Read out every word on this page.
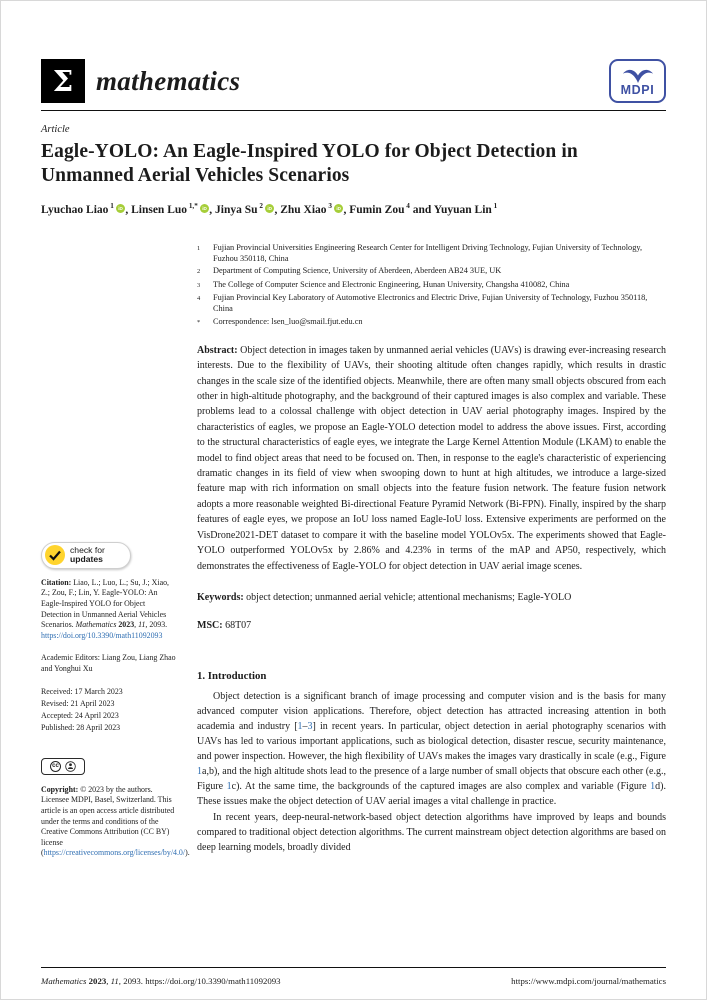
Σ mathematics	MDPI
Article
Eagle-YOLO: An Eagle-Inspired YOLO for Object Detection in Unmanned Aerial Vehicles Scenarios
Lyuchao Liao $^1$ iD , Linsen Luo $^{1,*}$ iD , Jinya Su $^2$ iD , Zhu Xiao $^3$ iD , Fumin Zou $^4$ and Yuyuan Lin $^1$
check for
updates

Citation: Liao, L.; Luo, L.; Su, J.; Xiao, Z.; Zou, F.; Lin, Y. Eagle-YOLO: An Eagle-Inspired YOLO for Object Detection in Unmanned Aerial Vehicles Scenarios. Mathematics 2023, 11, 2093. https://doi.org/10.3390/math11092093

Academic Editors: Liang Zou, Liang Zhao and Yonghui Xu

Received: 17 March 2023
Revised: 21 April 2023
Accepted: 24 April 2023
Published: 28 April 2023
cc

Copyright: © 2023 by the authors. Licensee MDPI, Basel, Switzerland. This article is an open access article distributed under the terms and conditions of the Creative Commons Attribution (CC BY) license (https://creativecommons.org/licenses/by/4.0/).

1	Fujian Provincial Universities Engineering Research Center for Intelligent Driving Technology, Fujian University of Technology, Fuzhou 350118, China
2	Department of Computing Science, University of Aberdeen, Aberdeen AB24 3UE, UK
3	The College of Computer Science and Electronic Engineering, Hunan University, Changsha 410082, China
4	Fujian Provincial Key Laboratory of Automotive Electronics and Electric Drive, Fujian University of Technology, Fuzhou 350118, China
*	Correspondence: lsen_luo@smail.fjut.edu.cn

Abstract: Object detection in images taken by unmanned aerial vehicles (UAVs) is drawing ever-increasing research interests. Due to the flexibility of UAVs, their shooting altitude often changes rapidly, which results in drastic changes in the scale size of the identified objects. Meanwhile, there are often many small objects obscured from each other in high-altitude photography, and the background of their captured images is also complex and variable. These problems lead to a colossal challenge with object detection in UAV aerial photography images. Inspired by the characteristics of eagles, we propose an Eagle-YOLO detection model to address the above issues. First, according to the structural characteristics of eagle eyes, we integrate the Large Kernel Attention Module (LKAM) to enable the model to find object areas that need to be focused on. Then, in response to the eagle's characteristic of experiencing dramatic changes in its field of view when swooping down to hunt at high altitudes, we introduce a large-sized feature map with rich information on small objects into the feature fusion network. The feature fusion network adopts a more reasonable weighted Bi-directional Feature Pyramid Network (Bi-FPN). Finally, inspired by the sharp features of eagle eyes, we propose an IoU loss named Eagle-IoU loss. Extensive experiments are performed on the VisDrone2021-DET dataset to compare it with the baseline model YOLOv5x. The experiments showed that Eagle-YOLO outperformed YOLOv5x by 2.86% and 4.23% in terms of the mAP and AP50, respectively, which demonstrates the effectiveness of Eagle-YOLO for object detection in UAV aerial image scenes.

Keywords: object detection; unmanned aerial vehicle; attentional mechanisms; Eagle-YOLO

MSC: 68T07

1. Introduction

Object detection is a significant branch of image processing and computer vision and is the basis for many advanced computer vision applications. Therefore, object detection has attracted increasing attention in both academia and industry [1–3] in recent years. In particular, object detection in aerial photography scenarios with UAVs has led to various important applications, such as biological detection, disaster rescue, security maintenance, and power inspection. However, the high flexibility of UAVs makes the images vary drastically in scale (e.g., Figure 1a,b), and the high altitude shots lead to the presence of a large number of small objects that obscure each other (e.g., Figure 1c). At the same time, the backgrounds of the captured images are also complex and variable (Figure 1d). These issues make the object detection of UAV aerial images a vital challenge in practice.

In recent years, deep-neural-network-based object detection algorithms have improved by leaps and bounds compared to traditional object detection algorithms. The current mainstream object detection algorithms are based on deep learning models, broadly divided

Mathematics 2023, 11, 2093. https://doi.org/10.3390/math11092093	https://www.mdpi.com/journal/mathematics
